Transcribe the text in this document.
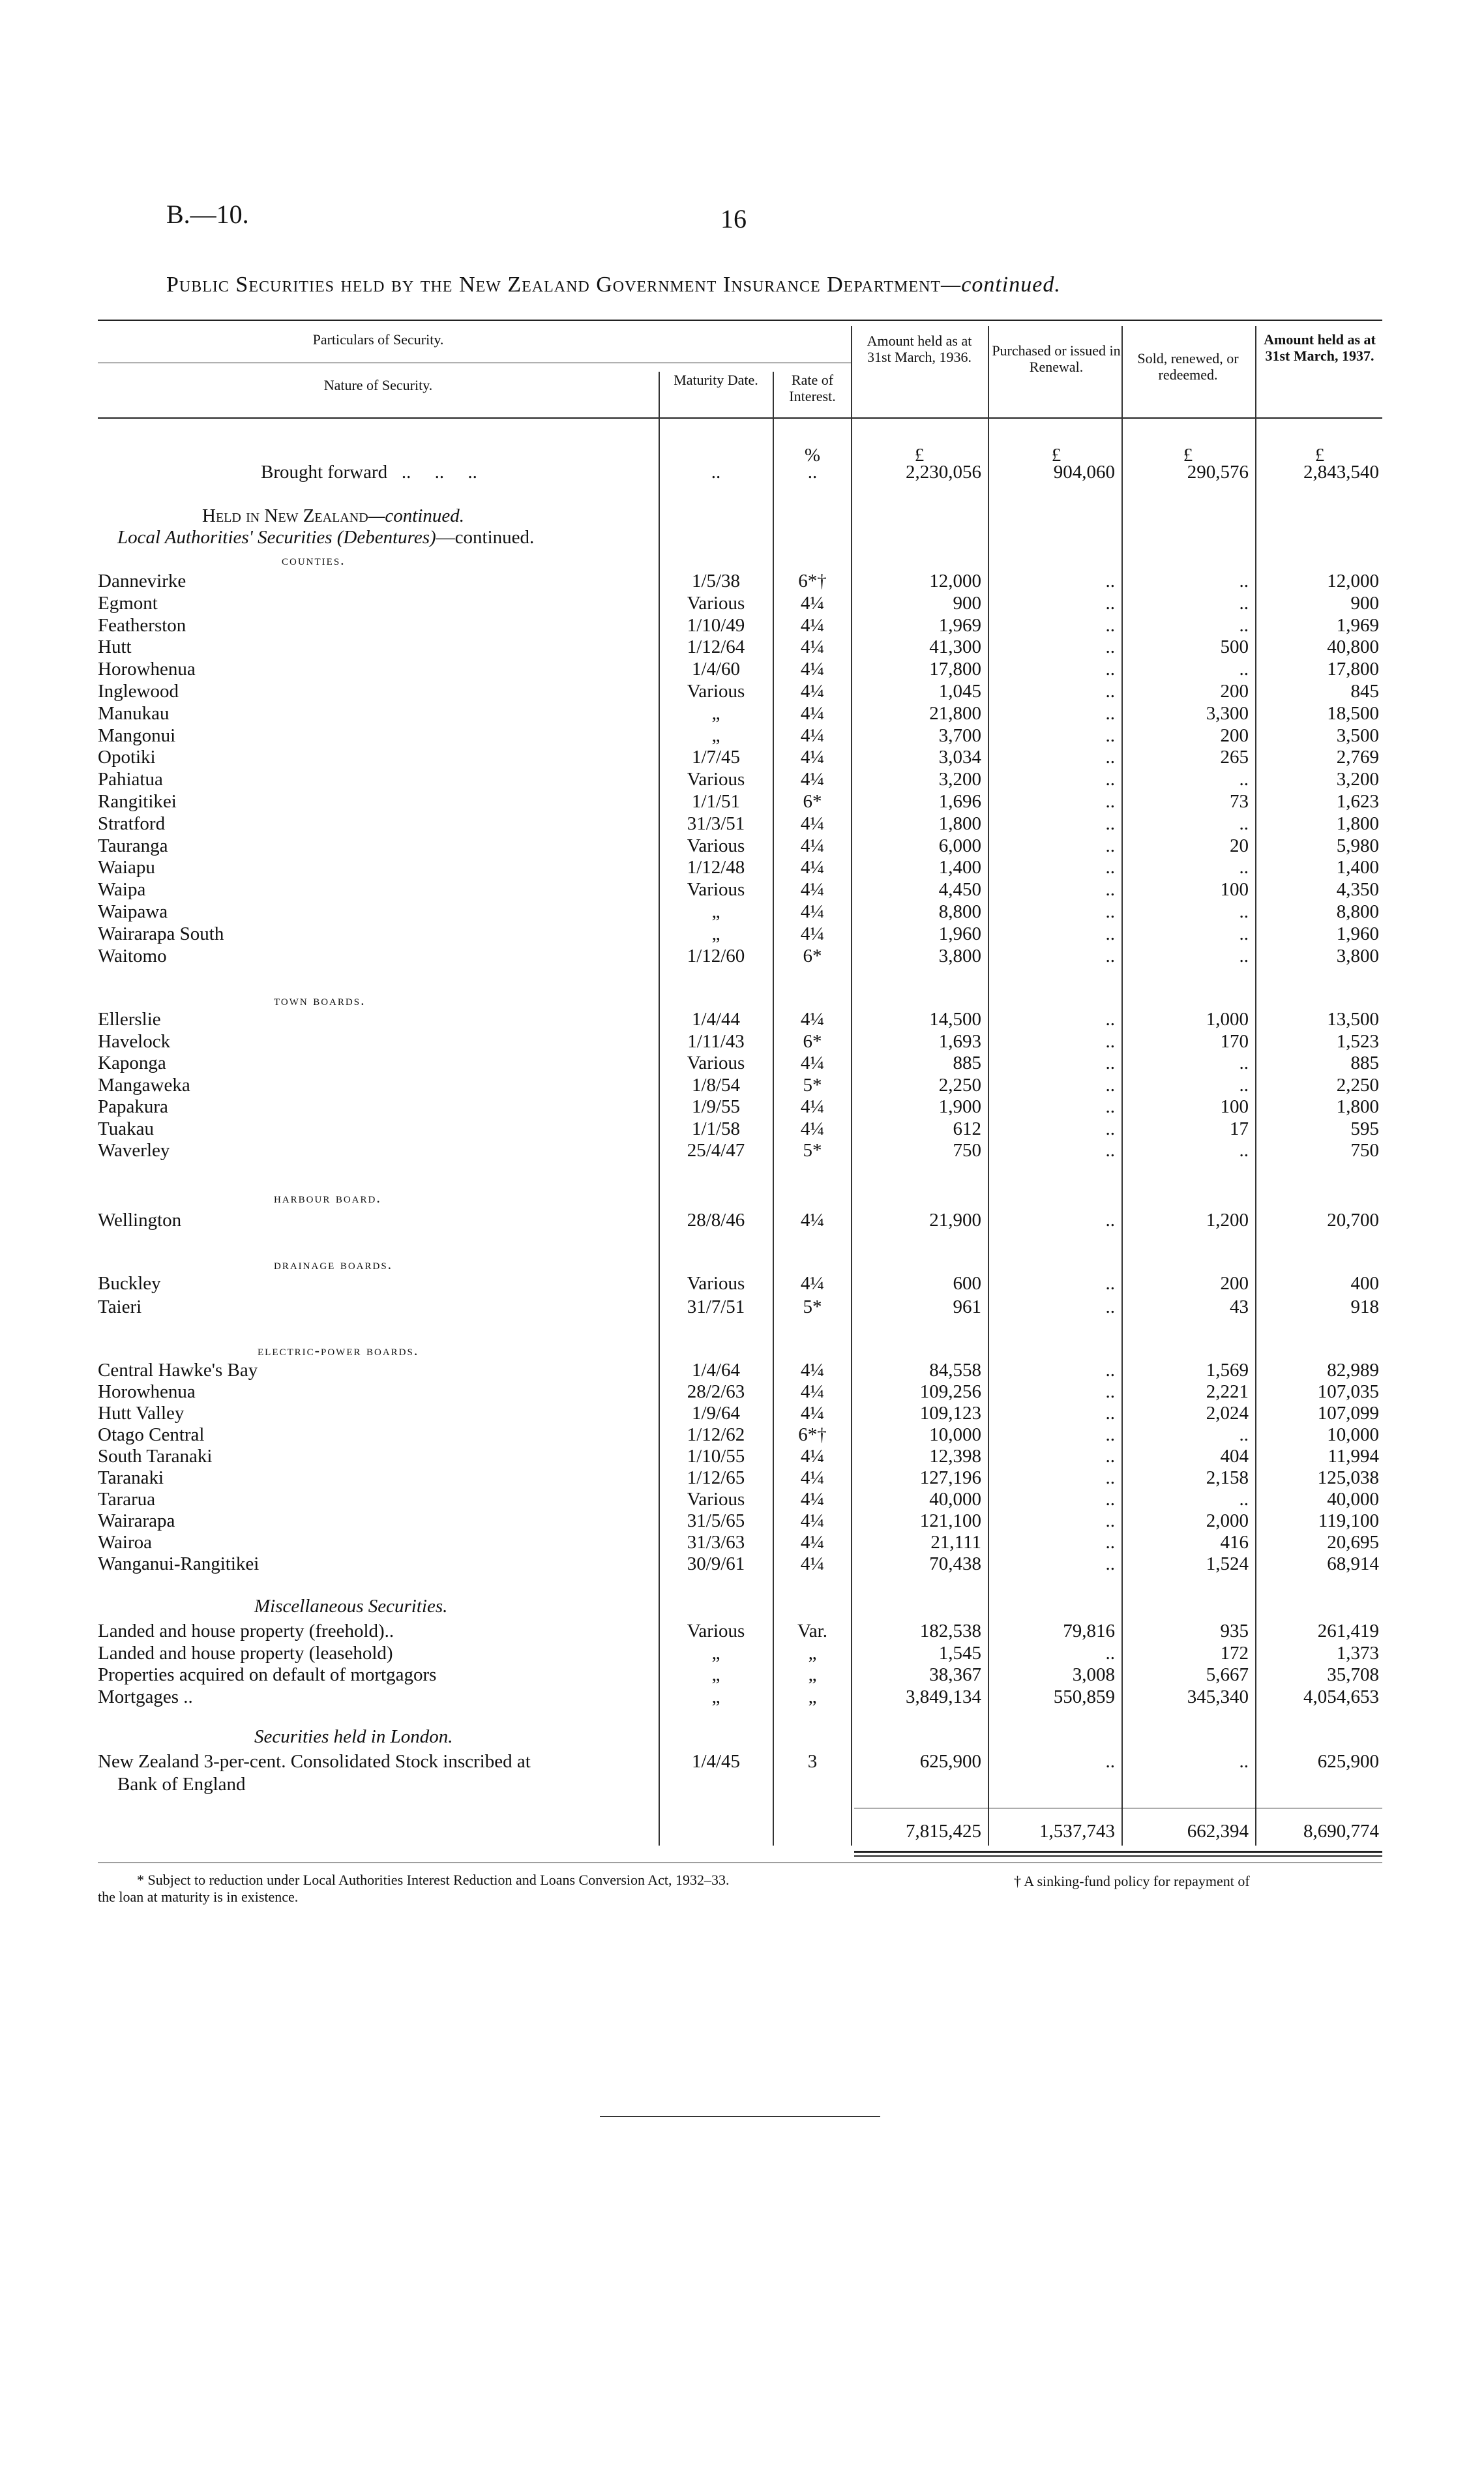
B.—10.	16
Public Securities held by the New Zealand Government Insurance Department—continued.
Particulars of Security.
Nature of Security.	Maturity Date.	Rate of Interest.
Amount held as at 31st March, 1936.	Purchased or issued in Renewal.
Sold, renewed, or redeemed.
Amount held as at 31st March, 1937.
%	£	£	£	£
Brought forward   ..     ..     ..	..	..	2,230,056	904,060	290,576	2,843,540
Held in New Zealand—continued.
Local Authorities' Securities (Debentures)—continued.
counties.
Dannevirke	1/5/38	6*†	12,000	..	..	12,000
Egmont	Various	4¼	900	..	..	900
Featherston	1/10/49	4¼	1,969	..	..	1,969
Hutt	1/12/64	4¼	41,300	..	500	40,800
Horowhenua	1/4/60	4¼	17,800	..	..	17,800
Inglewood	Various	4¼	1,045	..	200	845
Manukau	„	4¼	21,800	..	3,300	18,500
Mangonui	„	4¼	3,700	..	200	3,500
Opotiki	1/7/45	4¼	3,034	..	265	2,769
Pahiatua	Various	4¼	3,200	..	..	3,200
Rangitikei	1/1/51	6*	1,696	..	73	1,623
Stratford	31/3/51	4¼	1,800	..	..	1,800
Tauranga	Various	4¼	6,000	..	20	5,980
Waiapu	1/12/48	4¼	1,400	..	..	1,400
Waipa	Various	4¼	4,450	..	100	4,350
Waipawa	„	4¼	8,800	..	..	8,800
Wairarapa South	„	4¼	1,960	..	..	1,960
Waitomo	1/12/60	6*	3,800	..	..	3,800
town boards.
Ellerslie	1/4/44	4¼	14,500	..	1,000	13,500
Havelock	1/11/43	6*	1,693	..	170	1,523
Kaponga	Various	4¼	885	..	..	885
Mangaweka	1/8/54	5*	2,250	..	..	2,250
Papakura	1/9/55	4¼	1,900	..	100	1,800
Tuakau	1/1/58	4¼	612	..	17	595
Waverley	25/4/47	5*	750	..	..	750
harbour board.
Wellington	28/8/46	4¼	21,900	..	1,200	20,700
drainage boards.
Buckley	Various	4¼	600	..	200	400
Taieri	31/7/51	5*	961	..	43	918
electric-power boards.
Central Hawke's Bay	1/4/64	4¼	84,558	..	1,569	82,989
Horowhenua	28/2/63	4¼	109,256	..	2,221	107,035
Hutt Valley	1/9/64	4¼	109,123	..	2,024	107,099
Otago Central	1/12/62	6*†	10,000	..	..	10,000
South Taranaki	1/10/55	4¼	12,398	..	404	11,994
Taranaki	1/12/65	4¼	127,196	..	2,158	125,038
Tararua	Various	4¼	40,000	..	..	40,000
Wairarapa	31/5/65	4¼	121,100	..	2,000	119,100
Wairoa	31/3/63	4¼	21,111	..	416	20,695
Wanganui-Rangitikei	30/9/61	4¼	70,438	..	1,524	68,914
Miscellaneous Securities.
Landed and house property (freehold)..	Various	Var.	182,538	79,816	935	261,419
Landed and house property (leasehold)	„	„	1,545	..	172	1,373
Properties acquired on default of mortgagors	„	„	38,367	3,008	5,667	35,708
Mortgages ..	„	„	3,849,134	550,859	345,340	4,054,653
Securities held in London.
New Zealand 3-per-cent. Consolidated Stock inscribed at
Bank of England
1/4/45	3	625,900	..	..	625,900
7,815,425	1,537,743	662,394	8,690,774
* Subject to reduction under Local Authorities Interest Reduction and Loans Conversion Act, 1932–33.	† A sinking-fund policy for repayment of
the loan at maturity is in existence.
